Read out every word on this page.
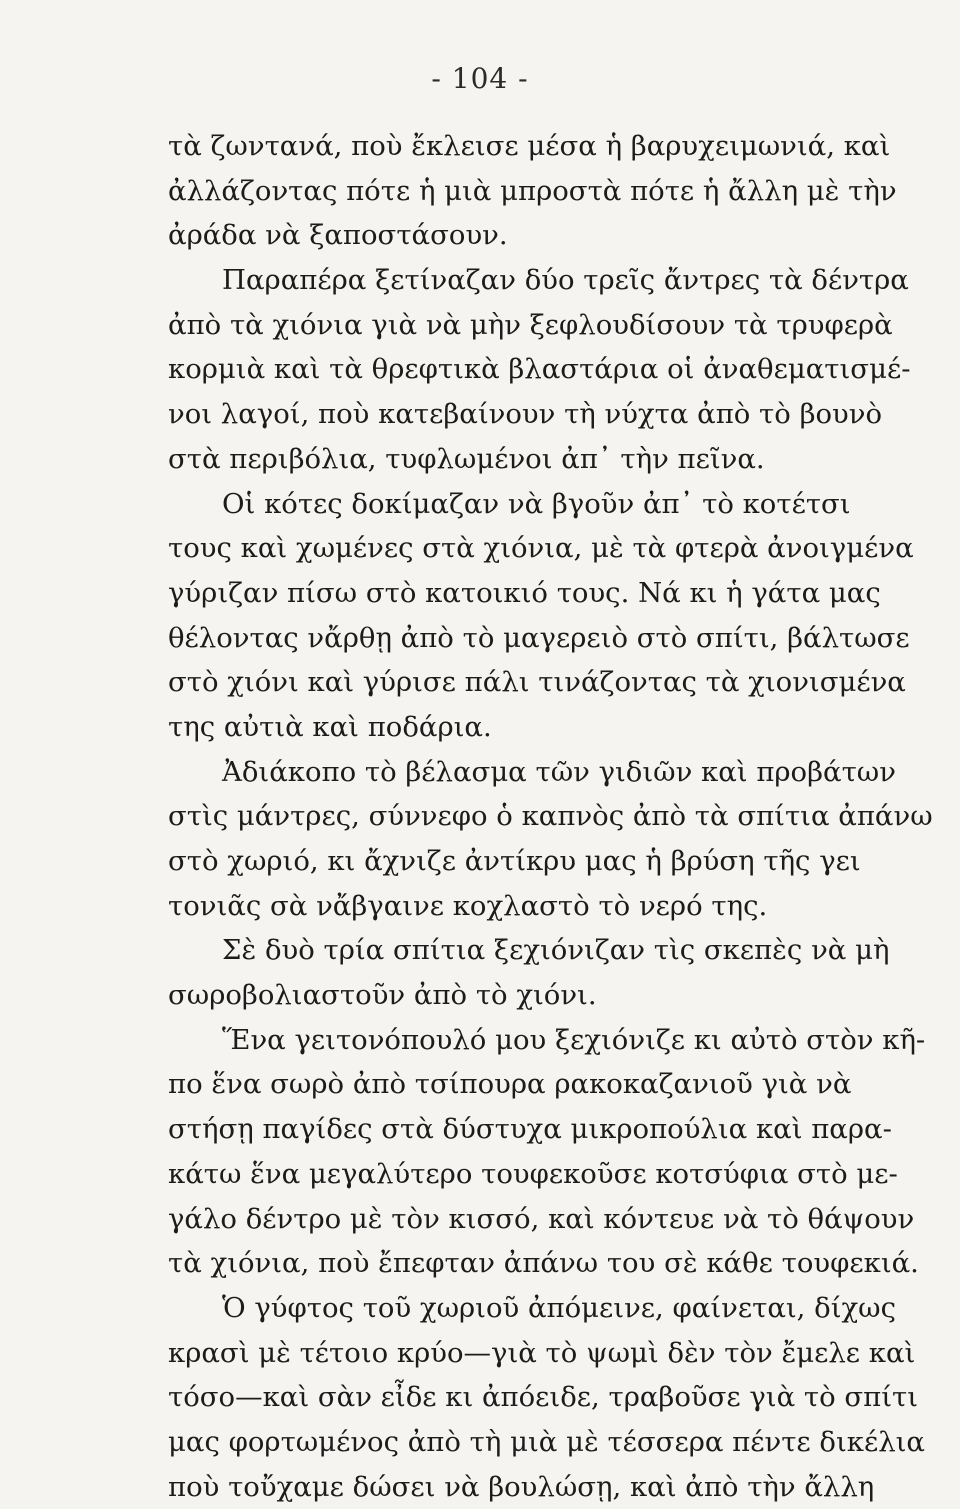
- 104 -
τὰ ζωντανά, ποὺ ἔκλεισε μέσα ἡ βαρυχειμωνιά, καὶ
ἀλλάζοντας πότε ἡ μιὰ μπροστὰ πότε ἡ ἄλλη μὲ τὴν
ἀράδα νὰ ξαποστάσουν.
Παραπέρα ξετίναζαν δύο τρεῖς ἄντρες τὰ δέντρα
ἀπὸ τὰ χιόνια γιὰ νὰ μὴν ξεφλουδίσουν τὰ τρυφερὰ
κορμιὰ καὶ τὰ θρεφτικὰ βλαστάρια οἱ ἀναθεματισμέ-
νοι λαγοί, ποὺ κατεβαίνουν τὴ νύχτα ἀπὸ τὸ βουνὸ
στὰ περιβόλια, τυφλωμένοι ἀπ᾽ τὴν πεῖνα.
Οἱ κότες δοκίμαζαν νὰ βγοῦν ἀπ᾽ τὸ κοτέτσι
τους καὶ χωμένες στὰ χιόνια, μὲ τὰ φτερὰ ἀνοιγμένα
γύριζαν πίσω στὸ κατοικιό τους. Νά κι ἡ γάτα μας
θέλοντας νἄρθῃ ἀπὸ τὸ μαγερειὸ στὸ σπίτι, βάλτωσε
στὸ χιόνι καὶ γύρισε πάλι τινάζοντας τὰ χιονισμένα
της αὐτιὰ καὶ ποδάρια.
Ἀδιάκοπο τὸ βέλασμα τῶν γιδιῶν καὶ προβάτων
στὶς μάντρες, σύννεφο ὁ καπνὸς ἀπὸ τὰ σπίτια ἀπάνω
στὸ χωριό, κι ἄχνιζε ἀντίκρυ μας ἡ βρύση τῆς γει
τονιᾶς σὰ νἄβγαινε κοχλαστὸ τὸ νερό της.
Σὲ δυὸ τρία σπίτια ξεχιόνιζαν τὶς σκεπὲς νὰ μὴ
σωροβολιαστοῦν ἀπὸ τὸ χιόνι.
Ἕνα γειτονόπουλό μου ξεχιόνιζε κι αὐτὸ στὸν κῆ-
πο ἕνα σωρὸ ἀπὸ τσίπουρα ρακοκαζανιοῦ γιὰ νὰ
στήσῃ παγίδες στὰ δύστυχα μικροπούλια καὶ παρα-
κάτω ἕνα μεγαλύτερο τουφεκοῦσε κοτσύφια στὸ με-
γάλο δέντρο μὲ τὸν κισσό, καὶ κόντευε νὰ τὸ θάψουν
τὰ χιόνια, ποὺ ἔπεφταν ἀπάνω του σὲ κάθε τουφεκιά.
Ὁ γύφτος τοῦ χωριοῦ ἀπόμεινε, φαίνεται, δίχως
κρασὶ μὲ τέτοιο κρύο—γιὰ τὸ ψωμὶ δὲν τὸν ἔμελε καὶ
τόσο—καὶ σὰν εἶδε κι ἀπόειδε, τραβοῦσε γιὰ τὸ σπίτι
μας φορτωμένος ἀπὸ τὴ μιὰ μὲ τέσσερα πέντε δικέλια
ποὺ τοὔχαμε δώσει νὰ βουλώσῃ, καὶ ἀπὸ τὴν ἄλλη
